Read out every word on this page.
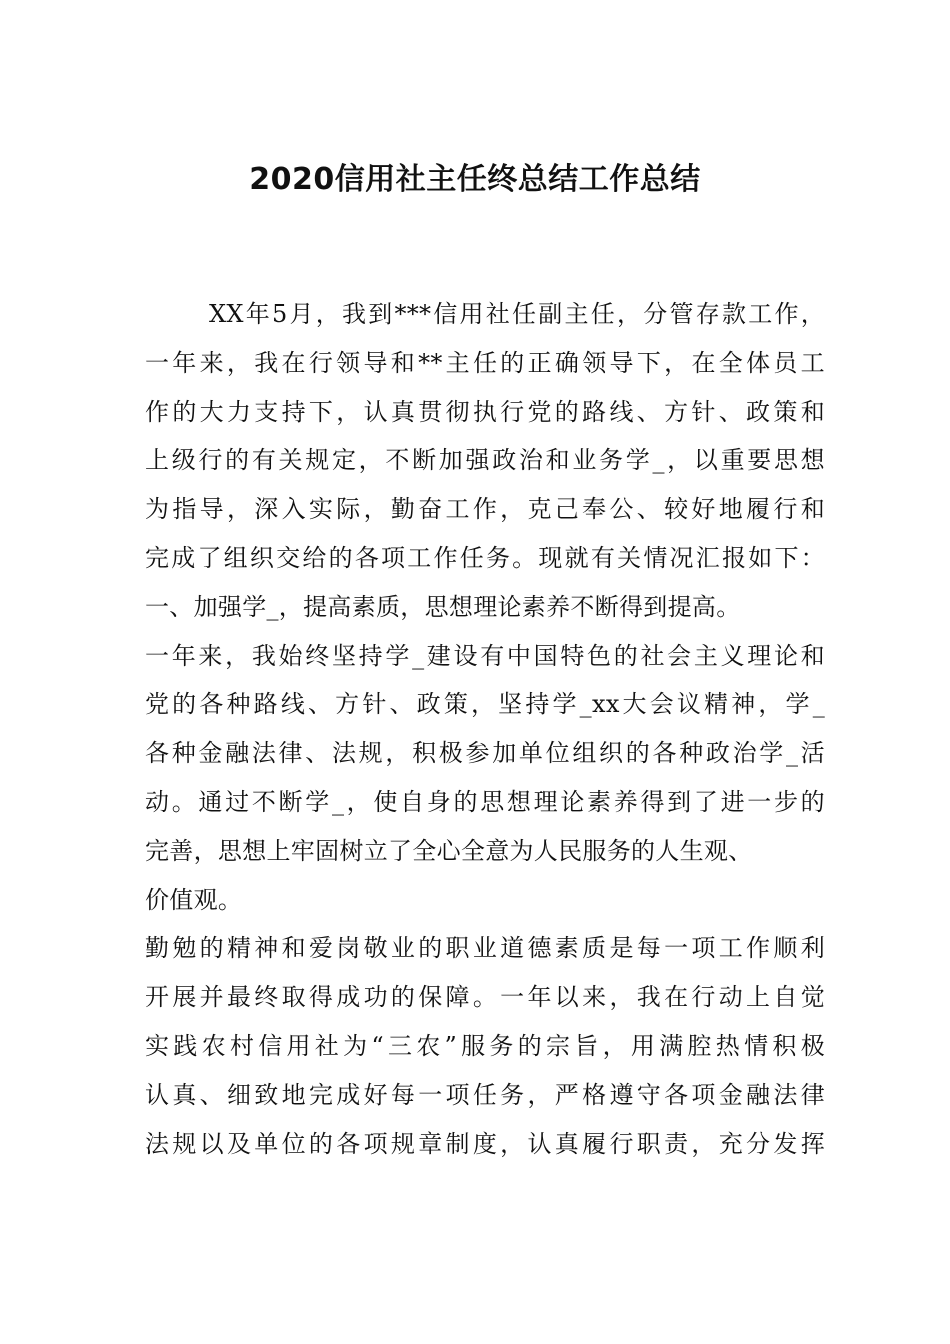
2020信用社主任终总结工作总结
XX年5月，我到***信用社任副主任，分管存款工作，
一年来，我在行领导和**主任的正确领导下，在全体员工
作的大力支持下，认真贯彻执行党的路线、方针、政策和
上级行的有关规定，不断加强政治和业务学_，以重要思想
为指导，深入实际，勤奋工作，克己奉公、较好地履行和
完成了组织交给的各项工作任务。现就有关情况汇报如下：
一、加强学_，提高素质，思想理论素养不断得到提高。
一年来，我始终坚持学_建设有中国特色的社会主义理论和
党的各种路线、方针、政策，坚持学_xx大会议精神，学_
各种金融法律、法规，积极参加单位组织的各种政治学_活
动。通过不断学_，使自身的思想理论素养得到了进一步的
完善，思想上牢固树立了全心全意为人民服务的人生观、
价值观。
勤勉的精神和爱岗敬业的职业道德素质是每一项工作顺利
开展并最终取得成功的保障。一年以来，我在行动上自觉
实践农村信用社为“三农”服务的宗旨，用满腔热情积极
认真、细致地完成好每一项任务，严格遵守各项金融法律
法规以及单位的各项规章制度，认真履行职责，充分发挥
